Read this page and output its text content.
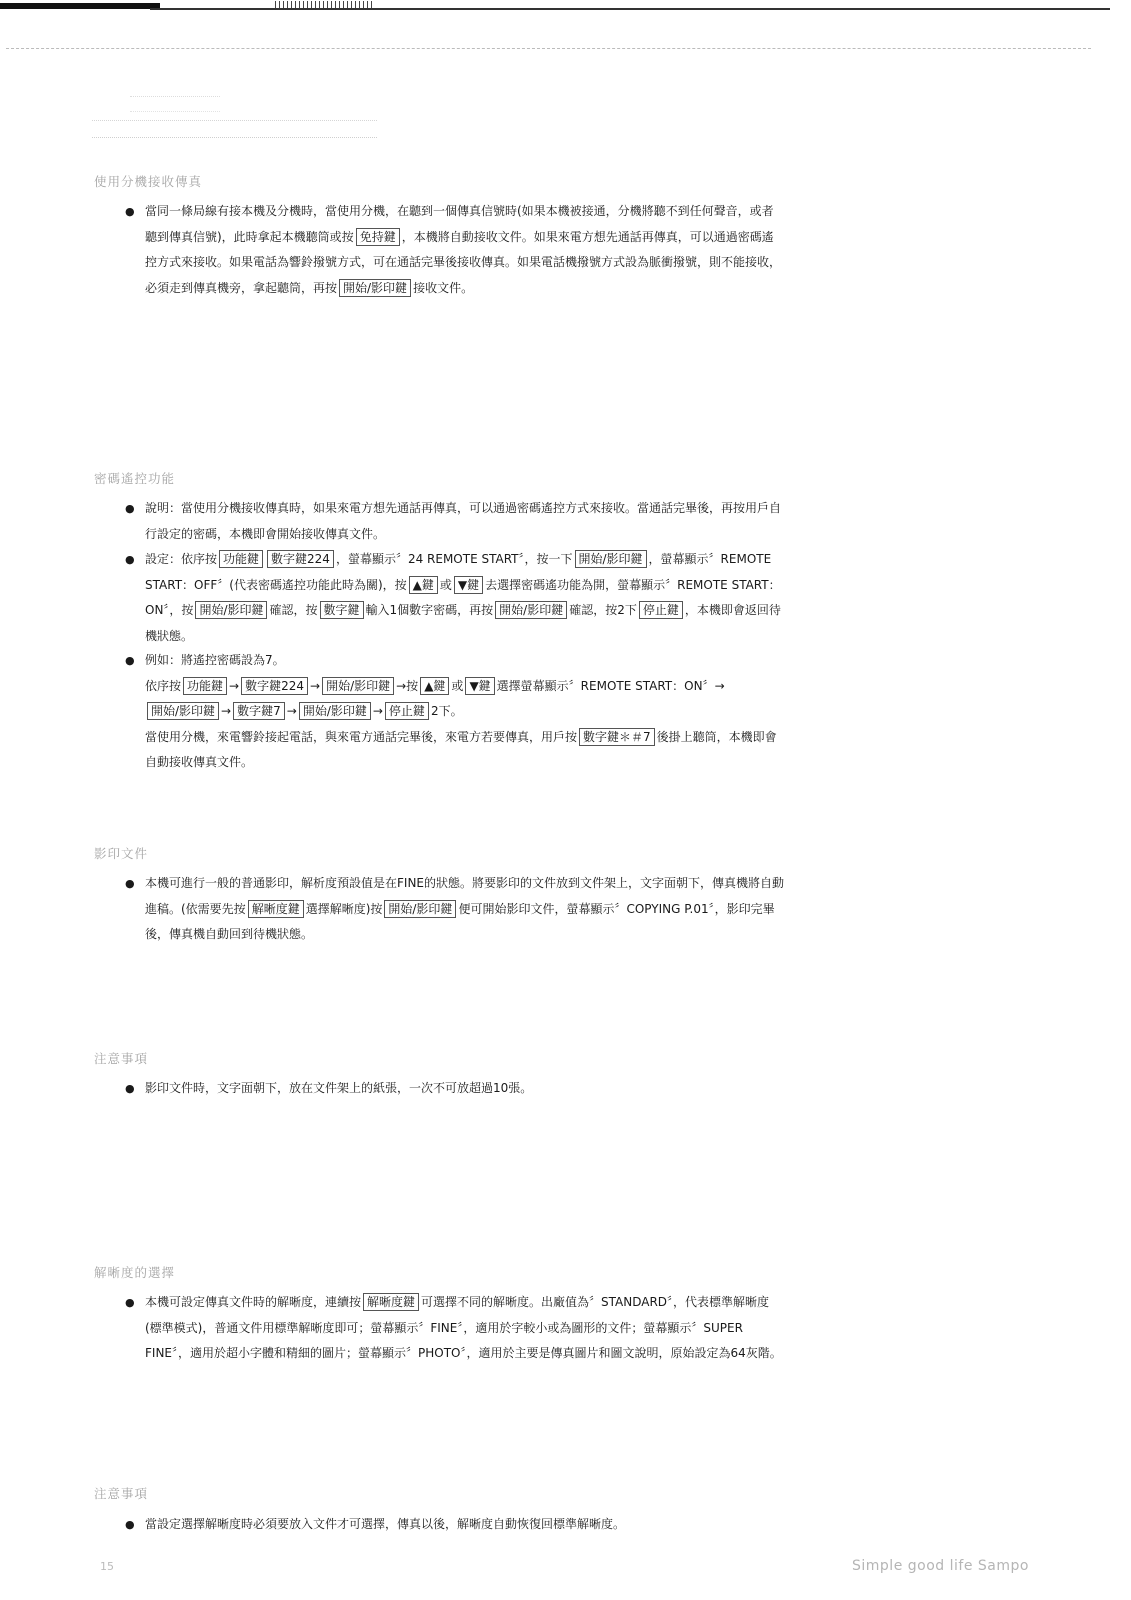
使用分機接收傳真
● 當同一條局線有接本機及分機時，當使用分機，在聽到一個傳真信號時(如果本機被接通，分機將聽不到任何聲音，或者聽到傳真信號)，此時拿起本機聽筒或按 免持鍵 ，本機將自動接收文件。如果來電方想先通話再傳真，可以通過密碼遙控方式來接收。如果電話為響鈴撥號方式，可在通話完畢後接收傳真。如果電話機撥號方式設為脈衝撥號，則不能接收，必須走到傳真機旁，拿起聽筒，再按 開始/影印鍵 接收文件。
密碼遙控功能
● 說明：當使用分機接收傳真時，如果來電方想先通話再傳真，可以通過密碼遙控方式來接收。當通話完畢後，再按用戶自行設定的密碼，本機即會開始接收傳真文件。
● 設定：依序按 功能鍵 數字鍵224 ，螢幕顯示〞24 REMOTE START〞，按一下 開始/影印鍵 ，螢幕顯示〞REMOTE START：OFF〞(代表密碼遙控功能此時為關)，按 ▲鍵 或 ▼鍵 去選擇密碼遙功能為開，螢幕顯示〞REMOTE START：ON〞，按 開始/影印鍵 確認，按 數字鍵 輸入1個數字密碼，再按 開始/影印鍵 確認，按2下 停止鍵 ，本機即會返回待機狀態。
● 例如：將遙控密碼設為7。
依序按 功能鍵 → 數字鍵224 → 開始/影印鍵 →按 ▲鍵 或 ▼鍵 選擇螢幕顯示〞REMOTE START：ON〞→開始/影印鍵 → 數字鍵7 → 開始/影印鍵 → 停止鍵 2下。
當使用分機，來電響鈴接起電話，與來電方通話完畢後，來電方若要傳真，用戶按 數字鍵＊＃7 後掛上聽筒，本機即會自動接收傳真文件。
影印文件
● 本機可進行一般的普通影印，解析度預設值是在FINE的狀態。將要影印的文件放到文件架上，文字面朝下，傳真機將自動進稿。(依需要先按 解晰度鍵 選擇解晰度)按 開始/影印鍵 便可開始影印文件，螢幕顯示〞COPYING P.01〞，影印完畢後，傳真機自動回到待機狀態。
注意事項
● 影印文件時，文字面朝下，放在文件架上的紙張，一次不可放超過10張。
解晰度的選擇
● 本機可設定傳真文件時的解晰度，連續按 解晰度鍵 可選擇不同的解晰度。出廠值為〞STANDARD〞，代表標準解晰度(標準模式)，普通文件用標準解晰度即可；螢幕顯示〞FINE〞，適用於字較小或為圖形的文件；螢幕顯示〞SUPER FINE〞，適用於超小字體和精細的圖片；螢幕顯示〞PHOTO〞，適用於主要是傳真圖片和圖文說明，原始設定為64灰階。
注意事項
● 當設定選擇解晰度時必須要放入文件才可選擇，傳真以後，解晰度自動恢復回標準解晰度。
15	Simple good life Sampo
